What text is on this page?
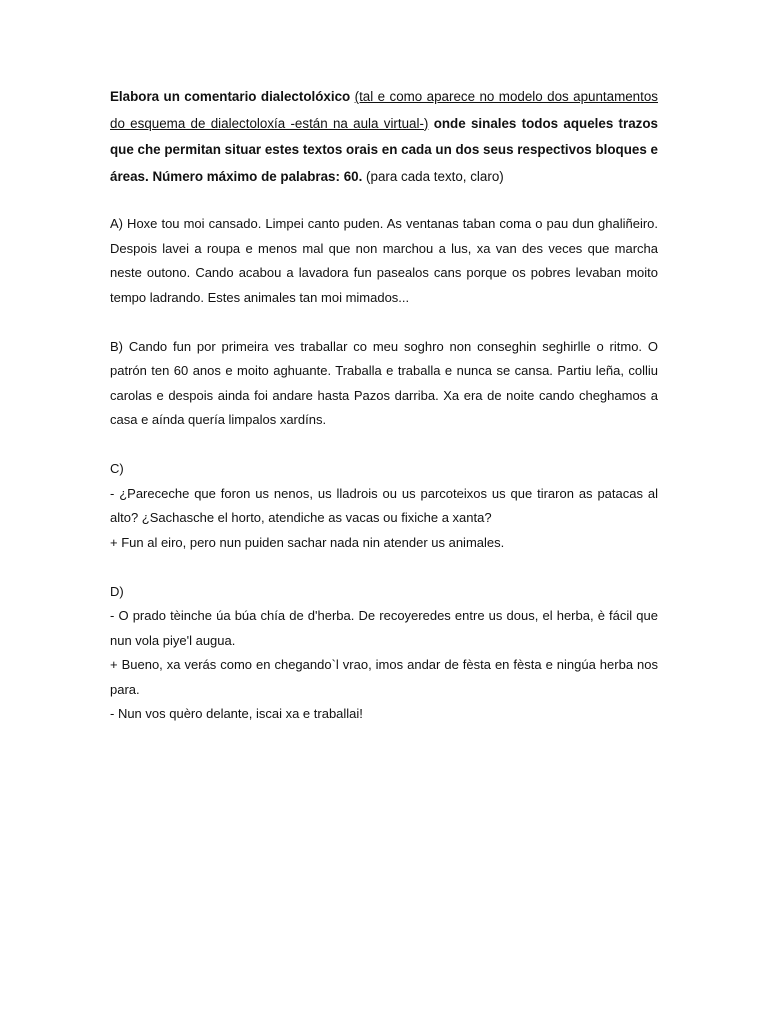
Elabora un comentario dialectolóxico (tal e como aparece no modelo dos apuntamentos do esquema de dialectoloxía -están na aula virtual-) onde sinales todos aqueles trazos que che permitan situar estes textos orais en cada un dos seus respectivos bloques e áreas. Número máximo de palabras: 60. (para cada texto, claro)

A) Hoxe tou moi cansado. Limpei canto puden. As ventanas taban coma o pau dun ghaliñeiro. Despois lavei a roupa e menos mal que non marchou a lus, xa van des veces que marcha neste outono. Cando acabou a lavadora fun pasealos cans porque os pobres levaban moito tempo ladrando. Estes animales tan moi mimados...

B) Cando fun por primeira ves traballar co meu soghro non conseghin seghirlle o ritmo. O patrón ten 60 anos e moito aghuante. Traballa e traballa e nunca se cansa. Partiu leña, colliu carolas e despois ainda foi andare hasta Pazos darriba. Xa era de noite cando cheghamos a casa e aínda quería limpalos xardíns.

C)
- ¿Pareceche que foron us nenos, us lladrois ou us parcoteixos us que tiraron as patacas al alto? ¿Sachasche el horto, atendiche as vacas ou fixiche a xanta?
+ Fun al eiro, pero nun puiden sachar nada nin atender us animales.
D)
- O prado tèinche úa búa chía de d'herba. De recoyeredes entre us dous, el herba, è fácil que nun vola piye'l augua.
+ Bueno, xa verás como en chegando`l vrao, imos andar de fèsta en fèsta e ningúa herba nos para.
- Nun vos quèro delante, iscai xa e traballai!
